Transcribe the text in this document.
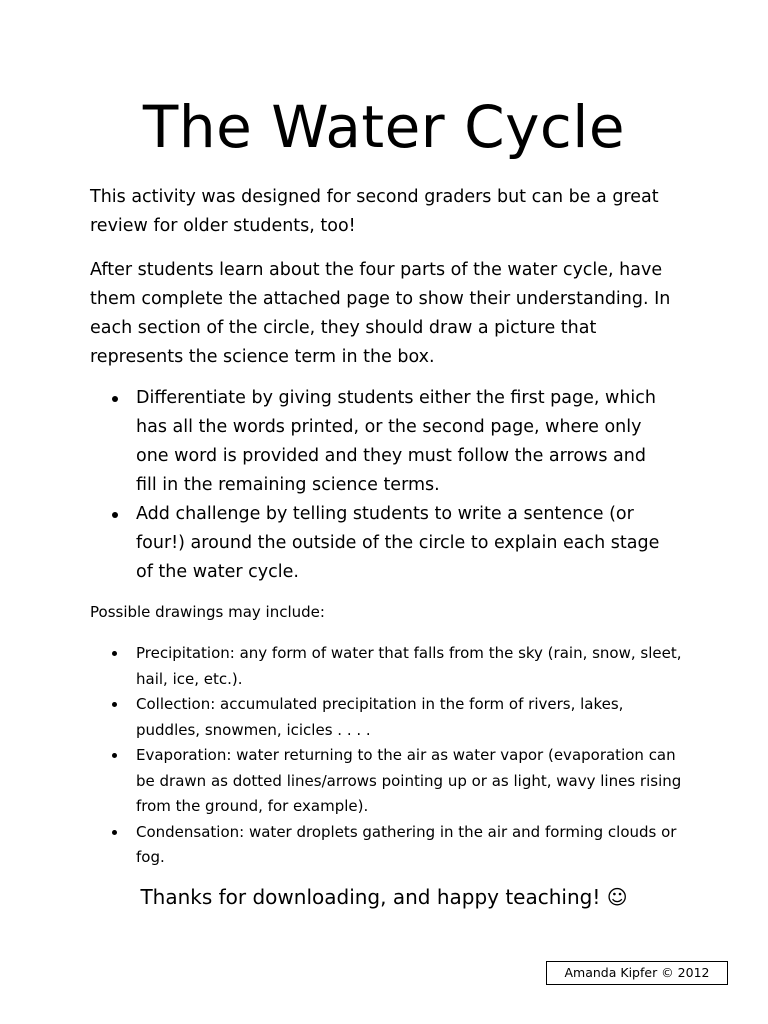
The Water Cycle

This activity was designed for second graders but can be a great review for older students, too!

After students learn about the four parts of the water cycle, have them complete the attached page to show their understanding. In each section of the circle, they should draw a picture that represents the science term in the box.

Differentiate by giving students either the first page, which has all the words printed, or the second page, where only one word is provided and they must follow the arrows and fill in the remaining science terms.
Add challenge by telling students to write a sentence (or four!) around the outside of the circle to explain each stage of the water cycle.

Possible drawings may include:

Precipitation: any form of water that falls from the sky (rain, snow, sleet, hail, ice, etc.).
Collection: accumulated precipitation in the form of rivers, lakes, puddles, snowmen, icicles . . . .
Evaporation: water returning to the air as water vapor (evaporation can be drawn as dotted lines/arrows pointing up or as light, wavy lines rising from the ground, for example).
Condensation: water droplets gathering in the air and forming clouds or fog.

Thanks for downloading, and happy teaching! ☺

Amanda Kipfer © 2012
